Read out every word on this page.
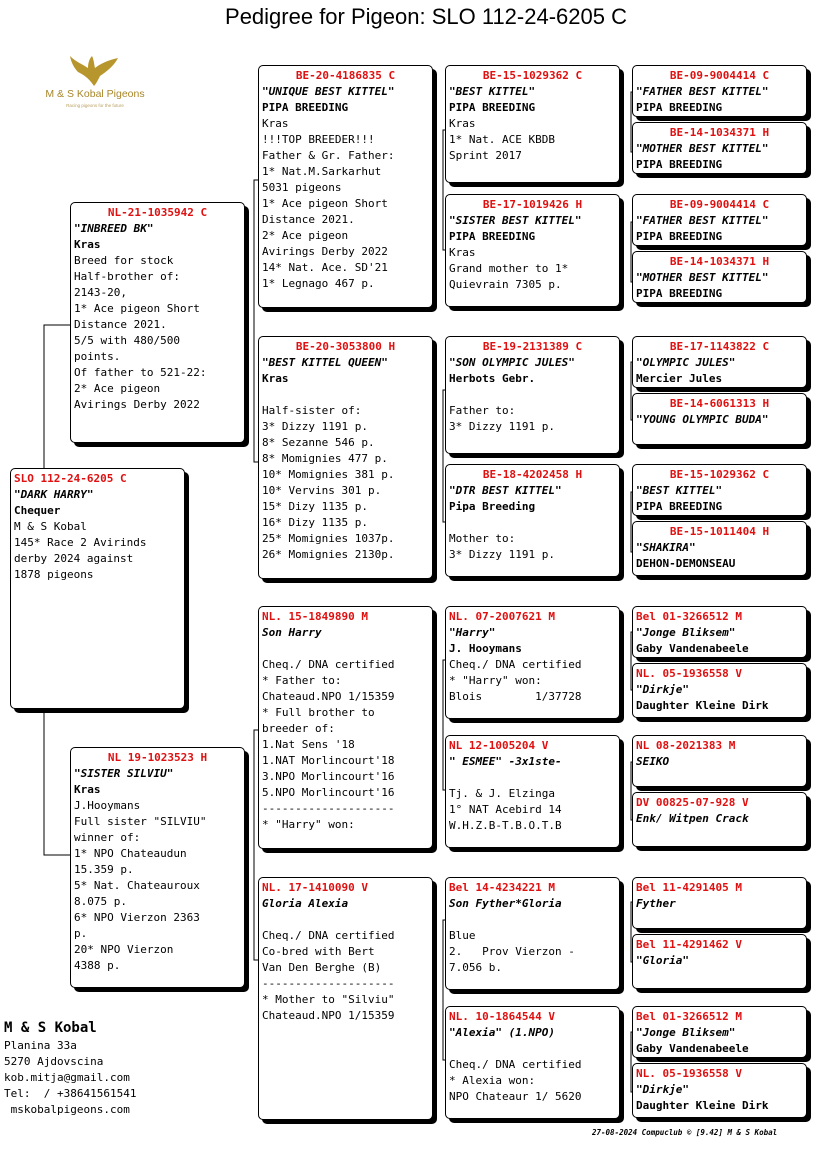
Pedigree for Pigeon: SLO 112-24-6205 C
M & S Kobal Pigeons
Racing pigeons for the future
SLO 112-24-6205 C
"DARK HARRY"
Chequer
M & S Kobal
145* Race 2 Avirinds
derby 2024 against
1878 pigeons
NL-21-1035942 C
"INBREED BK"
Kras
Breed for stock
Half-brother of:
2143-20,
1* Ace pigeon Short
Distance 2021.
5/5 with 480/500
points.
Of father to 521-22:
2* Ace pigeon
Avirings Derby 2022
NL 19-1023523 H
"SISTER SILVIU"
Kras
J.Hooymans
Full sister "SILVIU"
winner of:
1* NPO Chateaudun
15.359 p.
5* Nat. Chateauroux
8.075 p.
6* NPO Vierzon 2363
p.
20* NPO Vierzon
4388 p.
BE-20-4186835 C
"UNIQUE BEST KITTEL"
PIPA BREEDING
Kras
!!!TOP BREEDER!!!
Father & Gr. Father:
1* Nat.M.Sarkarhut
5031 pigeons
1* Ace pigeon Short
Distance 2021.
2* Ace pigeon
Avirings Derby 2022
14* Nat. Ace. SD'21
1* Legnago 467 p.
BE-20-3053800 H
"BEST KITTEL QUEEN"
Kras

Half-sister of:
3* Dizzy 1191 p.
8* Sezanne 546 p.
8* Momignies 477 p.
10* Momignies 381 p.
10* Vervins 301 p.
15* Dizy 1135 p.
16* Dizy 1135 p.
25* Momignies 1037p.
26* Momignies 2130p.
NL. 15-1849890 M
Son Harry

Cheq./ DNA certified
* Father to:
Chateaud.NPO 1/15359
* Full brother to
breeder of:
1.Nat Sens '18
1.NAT Morlincourt'18
3.NPO Morlincourt'16
5.NPO Morlincourt'16
--------------------
* "Harry" won:
NL. 17-1410090 V
Gloria Alexia

Cheq./ DNA certified
Co-bred with Bert
Van Den Berghe (B)
--------------------
* Mother to "Silviu"
Chateaud.NPO 1/15359
BE-15-1029362 C
"BEST KITTEL"
PIPA BREEDING
Kras
1* Nat. ACE KBDB
Sprint 2017
BE-17-1019426 H
"SISTER BEST KITTEL"
PIPA BREEDING
Kras
Grand mother to 1*
Quievrain 7305 p.
BE-19-2131389 C
"SON OLYMPIC JULES"
Herbots Gebr.

Father to:
3* Dizzy 1191 p.
BE-18-4202458 H
"DTR BEST KITTEL"
Pipa Breeding

Mother to:
3* Dizzy 1191 p.
NL. 07-2007621 M
"Harry"
J. Hooymans
Cheq./ DNA certified
* "Harry" won:
Blois        1/37728
NL 12-1005204 V
" ESMEE" -3x1ste-

Tj. & J. Elzinga
1° NAT Acebird 14
W.H.Z.B-T.B.O.T.B
Bel 14-4234221 M
Son Fyther*Gloria

Blue
2.   Prov Vierzon -
7.056 b.
NL. 10-1864544 V
"Alexia" (1.NPO)

Cheq./ DNA certified
* Alexia won:
NPO Chateaur 1/ 5620
BE-09-9004414 C
"FATHER BEST KITTEL"
PIPA BREEDING
BE-14-1034371 H
"MOTHER BEST KITTEL"
PIPA BREEDING
BE-09-9004414 C
"FATHER BEST KITTEL"
PIPA BREEDING
BE-14-1034371 H
"MOTHER BEST KITTEL"
PIPA BREEDING
BE-17-1143822 C
"OLYMPIC JULES"
Mercier Jules
BE-14-6061313 H
"YOUNG OLYMPIC BUDA"
BE-15-1029362 C
"BEST KITTEL"
PIPA BREEDING
BE-15-1011404 H
"SHAKIRA"
DEHON-DEMONSEAU
Bel 01-3266512 M
"Jonge Bliksem"
Gaby Vandenabeele
NL. 05-1936558 V
"Dirkje"
Daughter Kleine Dirk
NL 08-2021383 M
SEIKO
DV 00825-07-928 V
Enk/ Witpen Crack
Bel 11-4291405 M
Fyther
Bel 11-4291462 V
"Gloria"
Bel 01-3266512 M
"Jonge Bliksem"
Gaby Vandenabeele
NL. 05-1936558 V
"Dirkje"
Daughter Kleine Dirk
M & S Kobal
Planina 33a
5270 Ajdovscina
kob.mitja@gmail.com
Tel:  / +38641561541
mskobalpigeons.com
27-08-2024 Compuclub © [9.42] M & S Kobal
